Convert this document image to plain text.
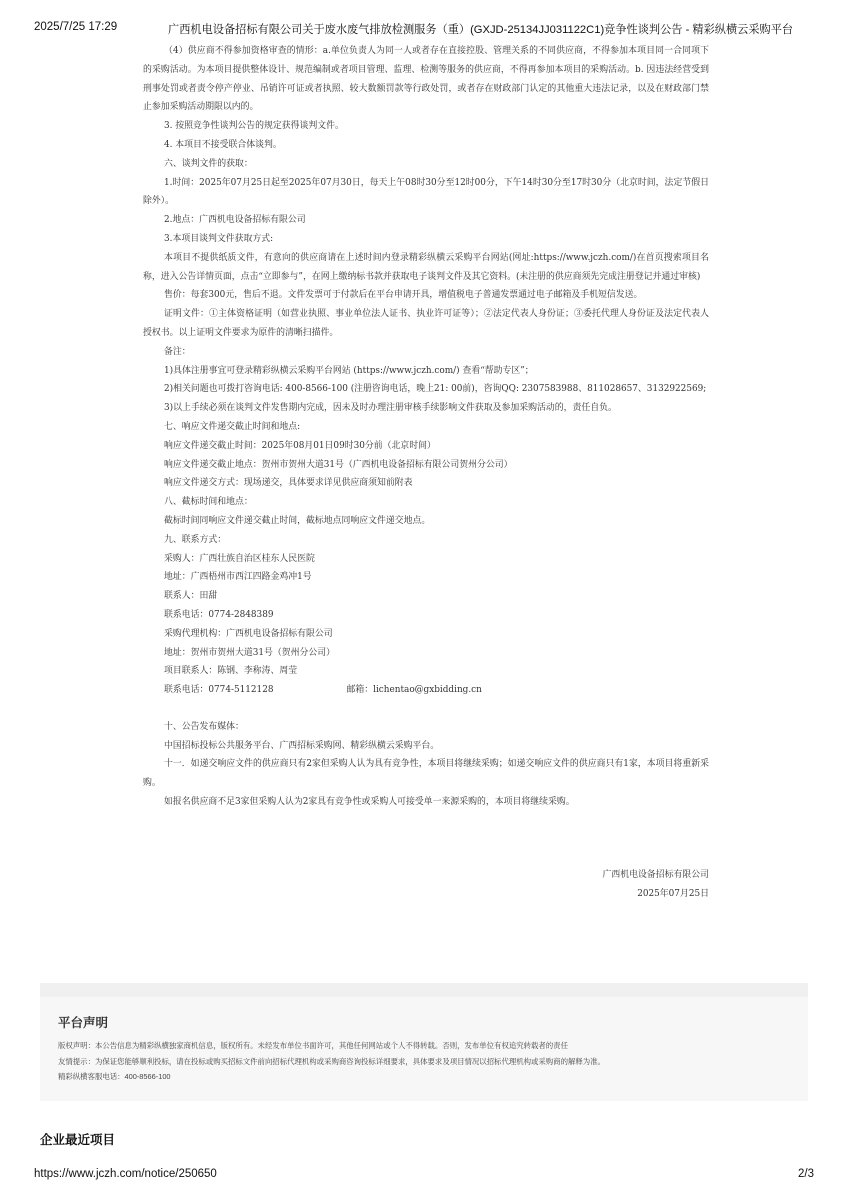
2025/7/25 17:29	广西机电设备招标有限公司关于废水废气排放检测服务（重）(GXJD-25134JJ031122C1)竞争性谈判公告 - 精彩纵横云采购平台

（4）供应商不得参加资格审查的情形：a.单位负责人为同一人或者存在直接控股、管理关系的不同供应商，不得参加本项目同一合同项下的采购活动。为本项目提供整体设计、规范编制或者项目管理、监理、检测等服务的供应商，不得再参加本项目的采购活动。b. 因违法经营受到刑事处罚或者责令停产停业、吊销许可证或者执照、较大数额罚款等行政处罚，或者存在财政部门认定的其他重大违法记录，以及在财政部门禁止参加采购活动期限以内的。

3. 按照竞争性谈判公告的规定获得谈判文件。

4. 本项目不接受联合体谈判。

六、谈判文件的获取：

1.时间：2025年07月25日起至2025年07月30日，每天上午08时30分至12时00分，下午14时30分至17时30分（北京时间，法定节假日除外）。

2.地点：广西机电设备招标有限公司

3.本项目谈判文件获取方式:

本项目不提供纸质文件，有意向的供应商请在上述时间内登录精彩纵横云采购平台网站(网址:https://www.jczh.com/)在首页搜索项目名称，进入公告详情页面，点击“立即参与”，在网上缴纳标书款并获取电子谈判文件及其它资料。(未注册的供应商须先完成注册登记并通过审核)

售价：每套300元，售后不退。文件发票可于付款后在平台申请开具，增值税电子普通发票通过电子邮箱及手机短信发送。

证明文件：①主体资格证明（如营业执照、事业单位法人证书、执业许可证等）；②法定代表人身份证；③委托代理人身份证及法定代表人授权书。以上证明文件要求为原件的清晰扫描件。

备注：

1)具体注册事宜可登录精彩纵横云采购平台网站 (https://www.jczh.com/) 查看“帮助专区”；

2)相关问题也可拨打咨询电话: 400-8566-100 (注册咨询电话，晚上21: 00前)，咨询QQ: 2307583988、811028657、3132922569;

3)以上手续必须在谈判文件发售期内完成，因未及时办理注册审核手续影响文件获取及参加采购活动的，责任自负。

七、响应文件递交截止时间和地点:

响应文件递交截止时间：2025年08月01日09时30分前（北京时间）

响应文件递交截止地点：贺州市贺州大道31号（广西机电设备招标有限公司贺州分公司）

响应文件递交方式：现场递交，具体要求详见供应商须知前附表

八、截标时间和地点：

截标时间同响应文件递交截止时间，截标地点同响应文件递交地点。

九、联系方式：

采购人：广西壮族自治区桂东人民医院

地址：广西梧州市西江四路金鸡冲1号

联系人：田甜

联系电话：0774-2848389

采购代理机构：广西机电设备招标有限公司

地址：贺州市贺州大道31号（贺州分公司）

项目联系人：陈钢、李称涛、周莹

联系电话：0774-5112128	邮箱：lichentao@gxbidding.cn

十、公告发布媒体：

中国招标投标公共服务平台、广西招标采购网、精彩纵横云采购平台。

十一．如递交响应文件的供应商只有2家但采购人认为具有竞争性，本项目将继续采购；如递交响应文件的供应商只有1家，本项目将重新采购。

如报名供应商不足3家但采购人认为2家具有竞争性或采购人可接受单一来源采购的，本项目将继续采购。

广西机电设备招标有限公司
2025年07月25日
平台声明
版权声明：本公告信息为精彩纵横独家商机信息，版权所有。未经发布单位书面许可，其他任何网站或个人不得转载。否则，发布单位有权追究转载者的责任
友情提示：为保证您能够顺利投标，请在投标或购买招标文件前向招标代理机构或采购商咨询投标详细要求，具体要求及项目情况以招标代理机构或采购商的解释为准。
精彩纵横客服电话：400-8566-100
企业最近项目
https://www.jczh.com/notice/250650	2/3
